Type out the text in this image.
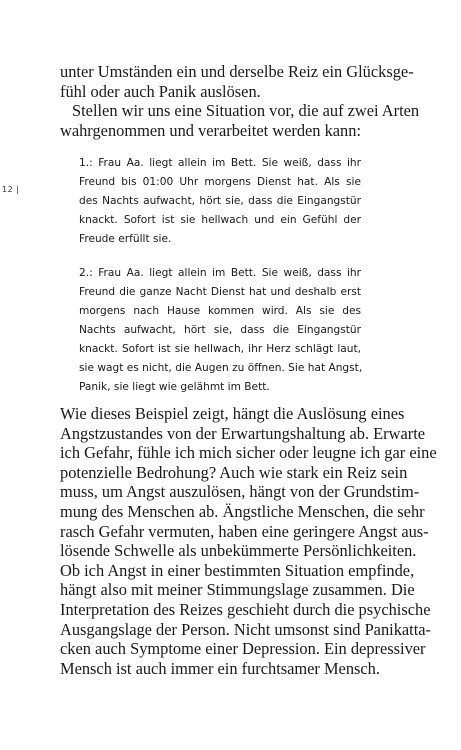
12 |
unter Umständen ein und derselbe Reiz ein Glücksge-
fühl oder auch Panik auslösen.
Stellen wir uns eine Situation vor, die auf zwei Arten
wahrgenommen und verarbeitet werden kann:
1.: Frau Aa. liegt allein im Bett. Sie weiß, dass ihr
Freund bis 01:00 Uhr morgens Dienst hat. Als sie
des Nachts aufwacht, hört sie, dass die Eingangstür
knackt. Sofort ist sie hellwach und ein Gefühl der
Freude erfüllt sie.
2.: Frau Aa. liegt allein im Bett. Sie weiß, dass ihr
Freund die ganze Nacht Dienst hat und deshalb erst
morgens nach Hause kommen wird. Als sie des
Nachts aufwacht, hört sie, dass die Eingangstür
knackt. Sofort ist sie hellwach, ihr Herz schlägt laut,
sie wagt es nicht, die Augen zu öffnen. Sie hat Angst,
Panik, sie liegt wie gelähmt im Bett.
Wie dieses Beispiel zeigt, hängt die Auslösung eines
Angstzustandes von der Erwartungshaltung ab. Erwarte
ich Gefahr, fühle ich mich sicher oder leugne ich gar eine
potenzielle Bedrohung? Auch wie stark ein Reiz sein
muss, um Angst auszulösen, hängt von der Grundstim-
mung des Menschen ab. Ängstliche Menschen, die sehr
rasch Gefahr vermuten, haben eine geringere Angst aus-
lösende Schwelle als unbekümmerte Persönlichkeiten.
Ob ich Angst in einer bestimmten Situation empfinde,
hängt also mit meiner Stimmungslage zusammen. Die
Interpretation des Reizes geschieht durch die psychische
Ausgangslage der Person. Nicht umsonst sind Panikatta-
cken auch Symptome einer Depression. Ein depressiver
Mensch ist auch immer ein furchtsamer Mensch.
